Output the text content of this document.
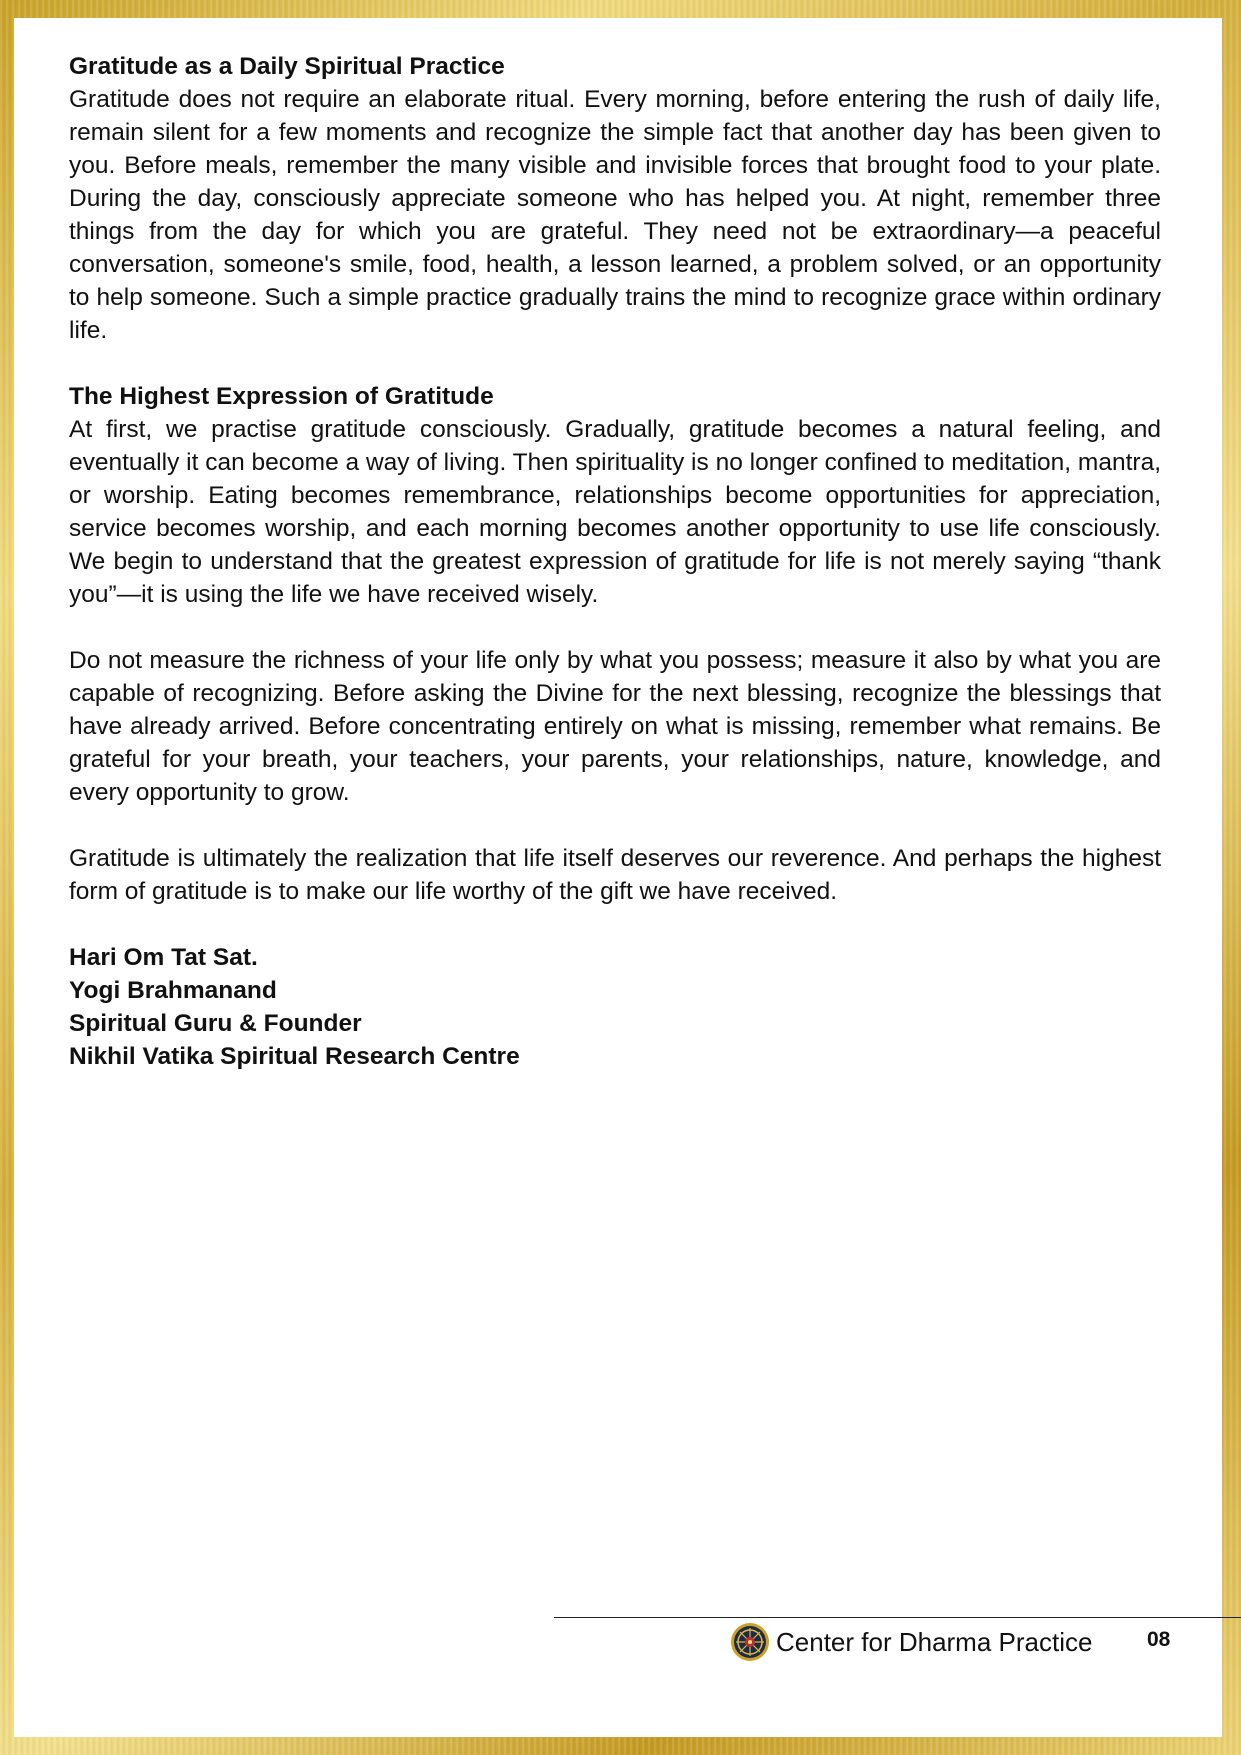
Gratitude as a Daily Spiritual Practice

Gratitude does not require an elaborate ritual. Every morning, before entering the rush of daily life, remain silent for a few moments and recognize the simple fact that another day has been given to you. Before meals, remember the many visible and invisible forces that brought food to your plate. During the day, consciously appreciate someone who has helped you. At night, remember three things from the day for which you are grateful. They need not be extraordinary—a peaceful conversation, someone's smile, food, health, a lesson learned, a problem solved, or an opportunity to help someone. Such a simple practice gradually trains the mind to recognize grace within ordinary life.

The Highest Expression of Gratitude

At first, we practise gratitude consciously. Gradually, gratitude becomes a natural feeling, and eventually it can become a way of living. Then spirituality is no longer confined to meditation, mantra, or worship. Eating becomes remembrance, relationships become opportunities for appreciation, service becomes worship, and each morning becomes another opportunity to use life consciously. We begin to understand that the greatest expression of gratitude for life is not merely saying “thank you”—it is using the life we have received wisely.

Do not measure the richness of your life only by what you possess; measure it also by what you are capable of recognizing. Before asking the Divine for the next blessing, recognize the blessings that have already arrived. Before concentrating entirely on what is missing, remember what remains. Be grateful for your breath, your teachers, your parents, your relationships, nature, knowledge, and every opportunity to grow.

Gratitude is ultimately the realization that life itself deserves our reverence. And perhaps the highest form of gratitude is to make our life worthy of the gift we have received.

Hari Om Tat Sat.
Yogi Brahmanand
Spiritual Guru & Founder
Nikhil Vatika Spiritual Research Centre
Center for Dharma Practice	08
